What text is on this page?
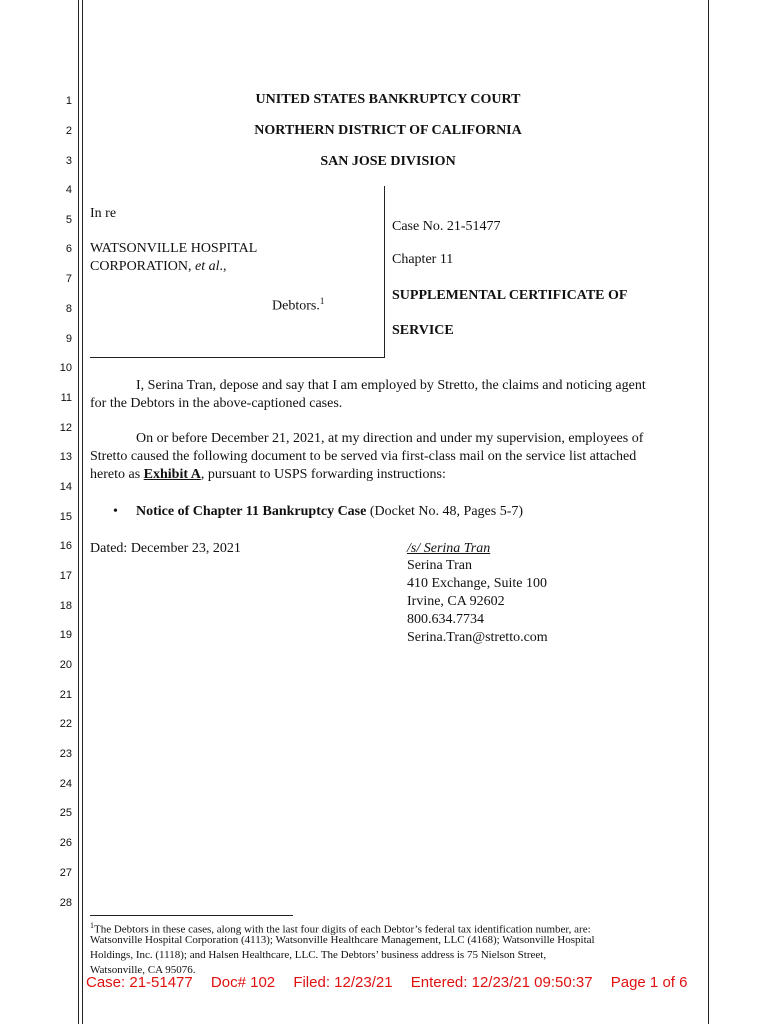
1
2
3
4
5
6
7
8
9
10
11
12
13
14
15
16
17
18
19
20
21
22
23
24
25
26
27
28
UNITED STATES BANKRUPTCY COURT
NORTHERN DISTRICT OF CALIFORNIA
SAN JOSE DIVISION
In re
WATSONVILLE HOSPITAL
CORPORATION, et al.,
Debtors.$^1$
Case No. 21-51477
Chapter 11
SUPPLEMENTAL CERTIFICATE OF
SERVICE
I, Serina Tran, depose and say that I am employed by Stretto, the claims and noticing agent
for the Debtors in the above-captioned cases.
On or before December 21, 2021, at my direction and under my supervision, employees of
Stretto caused the following document to be served via first-class mail on the service list attached
hereto as Exhibit A, pursuant to USPS forwarding instructions:
• Notice of Chapter 11 Bankruptcy Case (Docket No. 48, Pages 5-7)
Dated: December 23, 2021	/s/ Serina Tran
Serina Tran
410 Exchange, Suite 100
Irvine, CA 92602
800.634.7734
Serina.Tran@stretto.com
$^1$The Debtors in these cases, along with the last four digits of each Debtor’s federal tax identification number, are:
Watsonville Hospital Corporation (4113); Watsonville Healthcare Management, LLC (4168); Watsonville Hospital
Holdings, Inc. (1118); and Halsen Healthcare, LLC. The Debtors’ business address is 75 Nielson Street,
Watsonville, CA 95076.
Case: 21-51477 Doc# 102 Filed: 12/23/21 Entered: 12/23/21 09:50:37 Page 1 of 6
